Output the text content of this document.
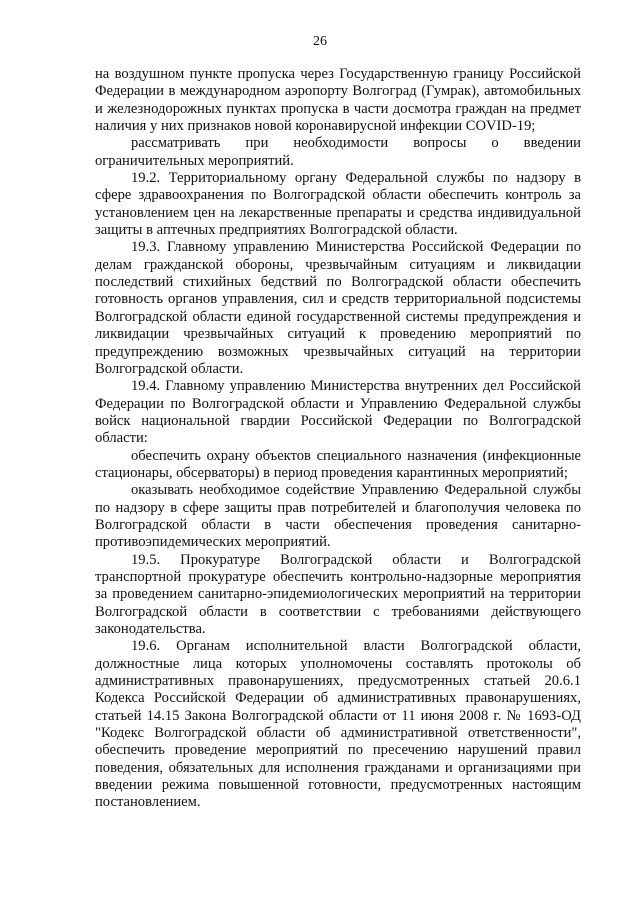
26

на воздушном пункте пропуска через Государственную границу Российской Федерации в международном аэропорту Волгоград (Гумрак), автомобильных и железнодорожных пунктах пропуска в части досмотра граждан на предмет наличия у них признаков новой коронавирусной инфекции COVID-19;

рассматривать при необходимости вопросы о введении ограничительных мероприятий.

19.2. Территориальному органу Федеральной службы по надзору в сфере здравоохранения по Волгоградской области обеспечить контроль за установлением цен на лекарственные препараты и средства индивидуальной защиты в аптечных предприятиях Волгоградской области.

19.3. Главному управлению Министерства Российской Федерации по делам гражданской обороны, чрезвычайным ситуациям и ликвидации последствий стихийных бедствий по Волгоградской области обеспечить готовность органов управления, сил и средств территориальной подсистемы Волгоградской области единой государственной системы предупреждения и ликвидации чрезвычайных ситуаций к проведению мероприятий по предупреждению возможных чрезвычайных ситуаций на территории Волгоградской области.

19.4. Главному управлению Министерства внутренних дел Российской Федерации по Волгоградской области и Управлению Федеральной службы войск национальной гвардии Российской Федерации по Волгоградской области:

обеспечить охрану объектов специального назначения (инфекционные стационары, обсерваторы) в период проведения карантинных мероприятий;

оказывать необходимое содействие Управлению Федеральной службы по надзору в сфере защиты прав потребителей и благополучия человека по Волгоградской области в части обеспечения проведения санитарно-противоэпидемических мероприятий.

19.5. Прокуратуре Волгоградской области и Волгоградской транспортной прокуратуре обеспечить контрольно-надзорные мероприятия за проведением санитарно-эпидемиологических мероприятий на территории Волгоградской области в соответствии с требованиями действующего законодательства.

19.6. Органам исполнительной власти Волгоградской области, должностные лица которых уполномочены составлять протоколы об административных правонарушениях, предусмотренных статьей 20.6.1 Кодекса Российской Федерации об административных правонарушениях, статьей 14.15 Закона Волгоградской области от 11 июня 2008 г. № 1693-ОД "Кодекс Волгоградской области об административной ответственности", обеспечить проведение мероприятий по пресечению нарушений правил поведения, обязательных для исполнения гражданами и организациями при введении режима повышенной готовности, предусмотренных настоящим постановлением.
